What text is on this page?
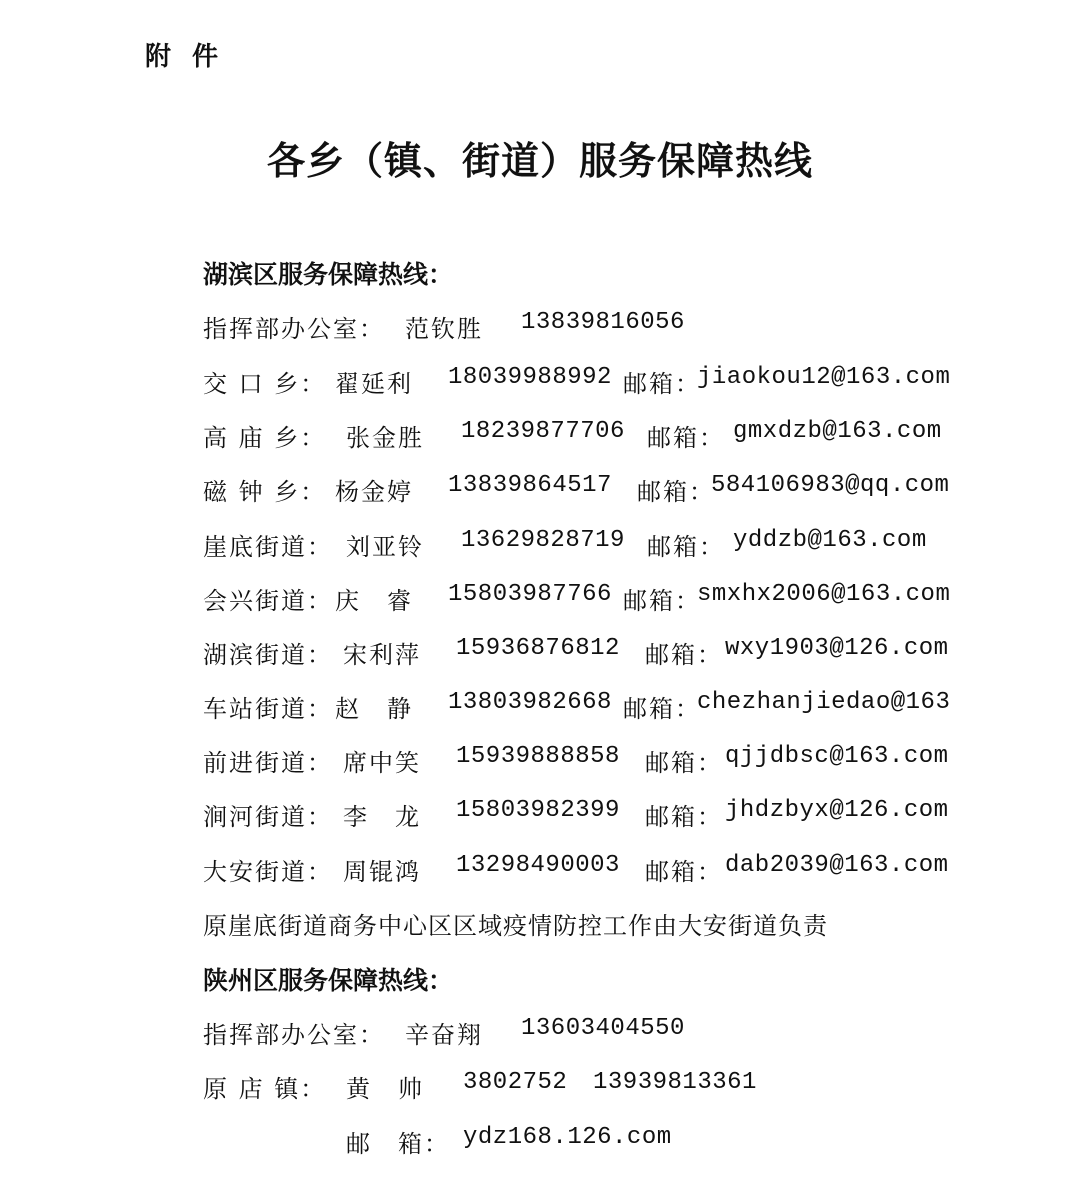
附 件
各乡（镇、街道）服务保障热线
湖滨区服务保障热线：
指挥部办公室： 范钦胜 13839816056
交 口 乡： 翟延利 18039988992 邮箱：
jiaokou12@163.com
高 庙 乡： 张金胜 18239877706 邮箱： gmxdzb@163.com
磁 钟 乡： 杨金婷 13839864517 邮箱：
584106983@qq.com
崖底街道： 刘亚铃 13629828719 邮箱： yddzb@163.com
会兴街道： 庆　睿 15803987766 邮箱：
smxhx2006@163.com
湖滨街道： 宋利萍 15936876812 邮箱： wxy1903@126.com
车站街道： 赵　静 13803982668 邮箱：
chezhanjiedao@163
前进街道： 席中笑 15939888858 邮箱： qjjdbsc@163.com
涧河街道： 李　龙 15803982399 邮箱： jhdzbyx@126.com
大安街道： 周锟鸿 13298490003 邮箱： dab2039@163.com
原崖底街道商务中心区区域疫情防控工作由大安街道负责
陕州区服务保障热线：
指挥部办公室： 辛奋翔 13603404550
原 店 镇： 黄　帅 3802752 13939813361
邮　箱： ydz168.126.com
